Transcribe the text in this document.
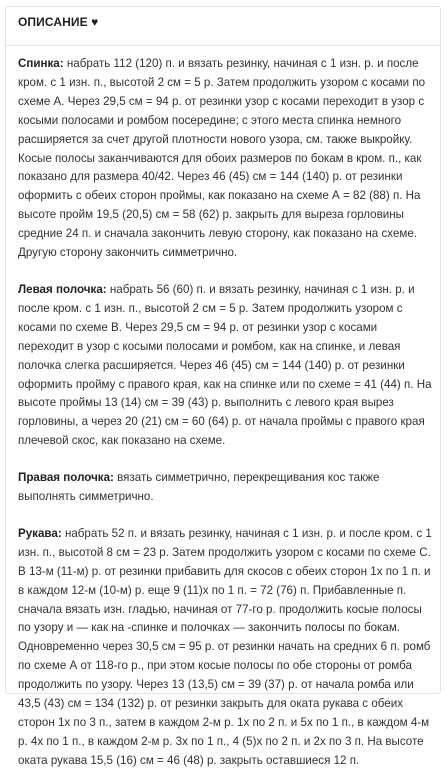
ОПИСАНИЕ ♥

Спинка: набрать 112 (120) п. и вязать резинку, начиная с 1 изн. р. и после кром. с 1 изн. п., высотой 2 см = 5 р. Затем продолжить узором с косами по схеме А. Через 29,5 см = 94 р. от резинки узор с косами переходит в узор с косыми полосами и ромбом посередине; с этого места спинка немного расширяется за счет другой плотности нового узора, см. также выкройку. Косые полосы заканчиваются для обоих размеров по бокам в кром. п., как показано для размера 40/42. Через 46 (45) см = 144 (140) р. от резинки оформить с обеих сторон проймы, как показано на схеме А = 82 (88) п. На высоте пройм 19,5 (20,5) см = 58 (62) р. закрыть для выреза горловины средние 24 п. и сначала закончить левую сторону, как показано на схеме. Другую сторону закончить симметрично.

Левая полочка: набрать 56 (60) п. и вязать резинку, начиная с 1 изн. р. и после кром. с 1 изн. п., высотой 2 см = 5 р. Затем продолжить узором с косами по схеме В. Через 29,5 см = 94 р. от резинки узор с косами переходит в узор с косыми полосами и ромбом, как на спинке, и левая полочка слегка расширяется. Через 46 (45) см = 144 (140) р. от резинки оформить пройму с правого края, как на спинке или по схеме = 41 (44) п. На высоте проймы 13 (14) см = 39 (43) р. выполнить с левого края вырез горловины, а через 20 (21) см = 60 (64) р. от начала проймы с правого края плечевой скос, как показано на схеме.

Правая полочка: вязать симметрично, перекрещивания кос также выполнять симметрично.

Рукава: набрать 52 п. и вязать резинку, начиная с 1 изн. р. и после кром. с 1 изн. п., высотой 8 см = 23 р. Затем продолжить узором с косами по схеме С. В 13-м (11-м) р. от резинки прибавить для скосов с обеих сторон 1х по 1 п. и в каждом 12-м (10-м) р. еще 9 (11)х по 1 п. = 72 (76) п. Прибавленные п. сначала вязать изн. гладью, начиная от 77-го р. продолжить косые полосы по узору и — как на -спинке и полочках — закончить полосы по бокам. Одновременно через 30,5 см = 95 р. от резинки начать на средних 6 п. ромб по схеме А от 118-го р., при этом косые полосы по обе стороны от ромба продолжить по узору. Через 13 (13,5) см = 39 (37) р. от начала ромба или 43,5 (43) см = 134 (132) р. от резинки закрыть для оката рукава с обеих сторон 1х по 3 п., затем в каждом 2-м р. 1х по 2 п. и 5х по 1 п., в каждом 4-м р. 4х по 1 п., в каждом 2-м р. 3х по 1 п., 4 (5)х по 2 п. и 2х по 3 п. На высоте оката рукава 15,5 (16) см = 46 (48) р. закрыть оставшиеся 12 п.
